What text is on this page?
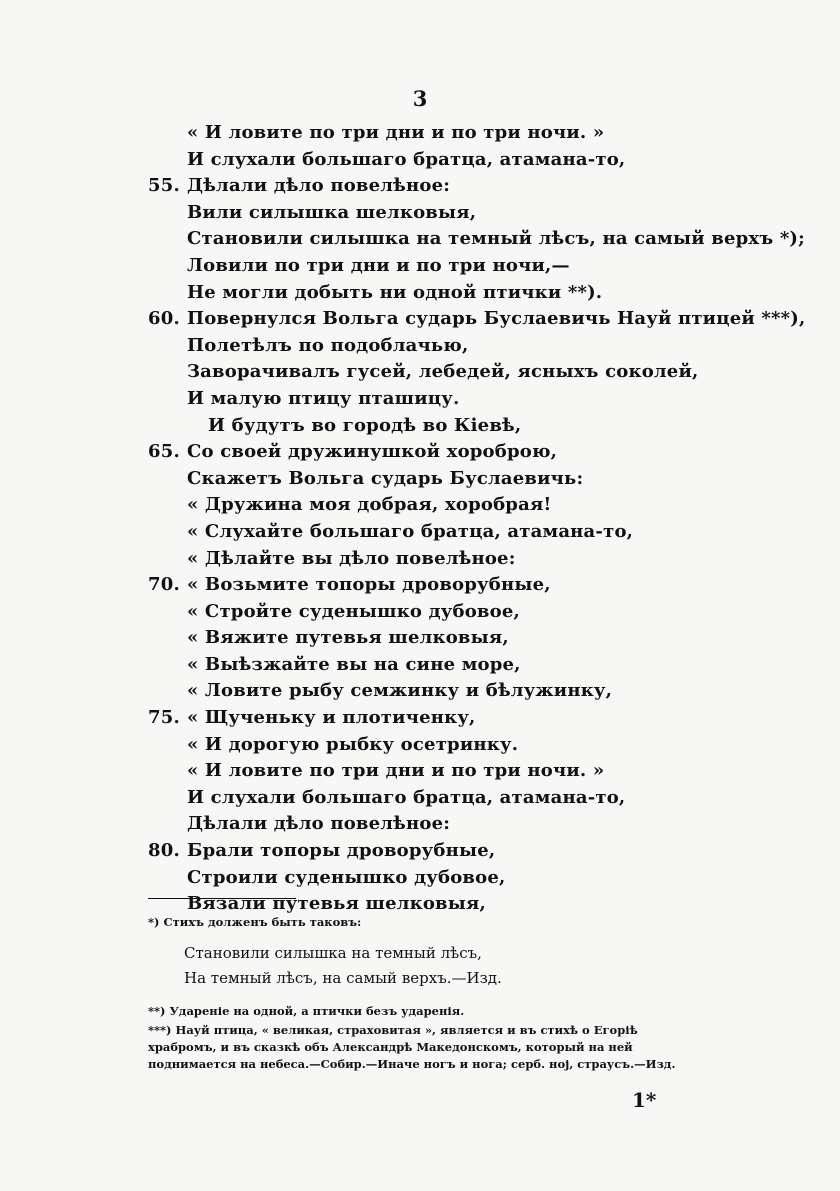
3
« И ловите по три дни и по три ночи. »
И слухали большаго братца, атамана-то,
55. Дѣлали дѣло повелѣное:
Вили силышка шелковыя,
Становили силышка на темный лѣсъ, на самый верхъ *);
Ловили по три дни и по три ночи,—
Не могли добыть ни одной птички **).
60. Повернулся Вольга сударь Буслаевичь Науй птицей ***),
Полетѣлъ по подоблачью,
Заворачивалъ гусей, лебедей, ясныхъ соколей,
И малую птицу пташицу.
И будутъ во городѣ во Кіевѣ,
65. Со своей дружинушкой хороброю,
Скажетъ Вольга сударь Буслаевичь:
« Дружина моя добрая, хоробрая!
« Слухайте большаго братца, атамана-то,
« Дѣлайте вы дѣло повелѣное:
70. « Возьмите топоры дроворубные,
« Стройте суденышко дубовое,
« Вяжите путевья шелковыя,
« Выѣзжайте вы на сине море,
« Ловите рыбу семжинку и бѣлужинку,
75. « Щученьку и плотиченку,
« И дорогую рыбку осетринку.
« И ловите по три дни и по три ночи. »
И слухали большаго братца, атамана-то,
Дѣлали дѣло повелѣное:
80. Брали топоры дроворубные,
Строили суденышко дубовое,
Вязали путевья шелковыя,
*) Стихъ долженъ быть таковъ:
Становили силышка на темный лѣсъ,
На темный лѣсъ, на самый верхъ.—Изд.
**) Удареніе на одной, а птички безъ ударенія.
***) Науй птица, « великая, страховитая », является и въ стихѣ о Егоріѣ храбромъ, и въ сказкѣ объ Александрѣ Македонскомъ, который на ней поднимается на небеса.—Собир.—Иначе ногъ и нога; серб. ној, страусъ.—Изд.
1*
